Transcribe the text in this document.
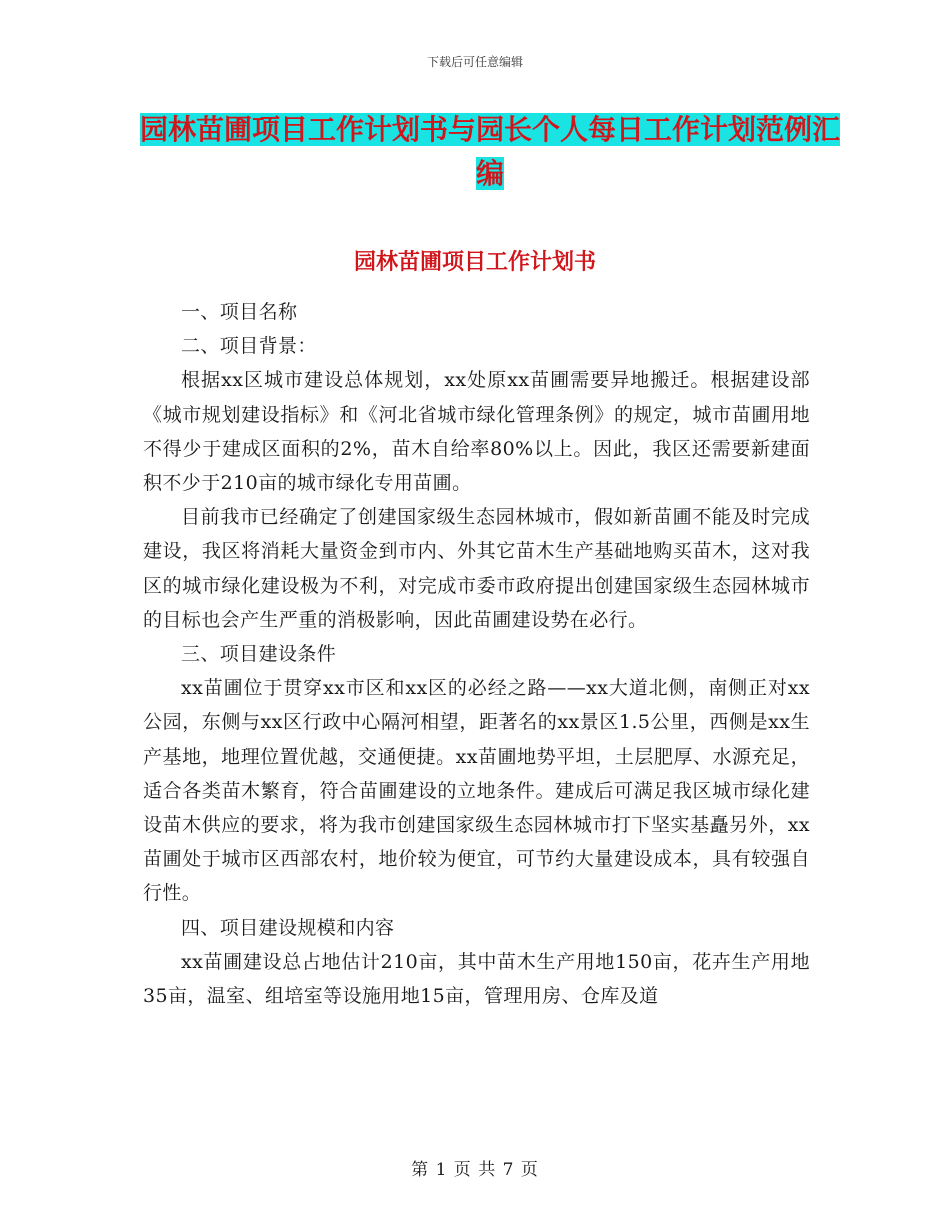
下载后可任意编辑
园林苗圃项目工作计划书与园长个人每日工作计划范例汇编
园林苗圃项目工作计划书

一、项目名称

二、项目背景：

根据xx区城市建设总体规划，xx处原xx苗圃需要异地搬迁。根据建设部《城市规划建设指标》和《河北省城市绿化管理条例》的规定，城市苗圃用地不得少于建成区面积的2%，苗木自给率80%以上。因此，我区还需要新建面积不少于210亩的城市绿化专用苗圃。

目前我市已经确定了创建国家级生态园林城市，假如新苗圃不能及时完成建设，我区将消耗大量资金到市内、外其它苗木生产基础地购买苗木，这对我区的城市绿化建设极为不利，对完成市委市政府提出创建国家级生态园林城市的目标也会产生严重的消极影响，因此苗圃建设势在必行。

三、项目建设条件

xx苗圃位于贯穿xx市区和xx区的必经之路——xx大道北侧，南侧正对xx公园，东侧与xx区行政中心隔河相望，距著名的xx景区1.5公里，西侧是xx生产基地，地理位置优越，交通便捷。xx苗圃地势平坦，土层肥厚、水源充足，适合各类苗木繁育，符合苗圃建设的立地条件。建成后可满足我区城市绿化建设苗木供应的要求，将为我市创建国家级生态园林城市打下坚实基矗另外，xx苗圃处于城市区西部农村，地价较为便宜，可节约大量建设成本，具有较强自行性。

四、项目建设规模和内容

xx苗圃建设总占地估计210亩，其中苗木生产用地150亩，花卉生产用地35亩，温室、组培室等设施用地15亩，管理用房、仓库及道

第 1 页 共 7 页
